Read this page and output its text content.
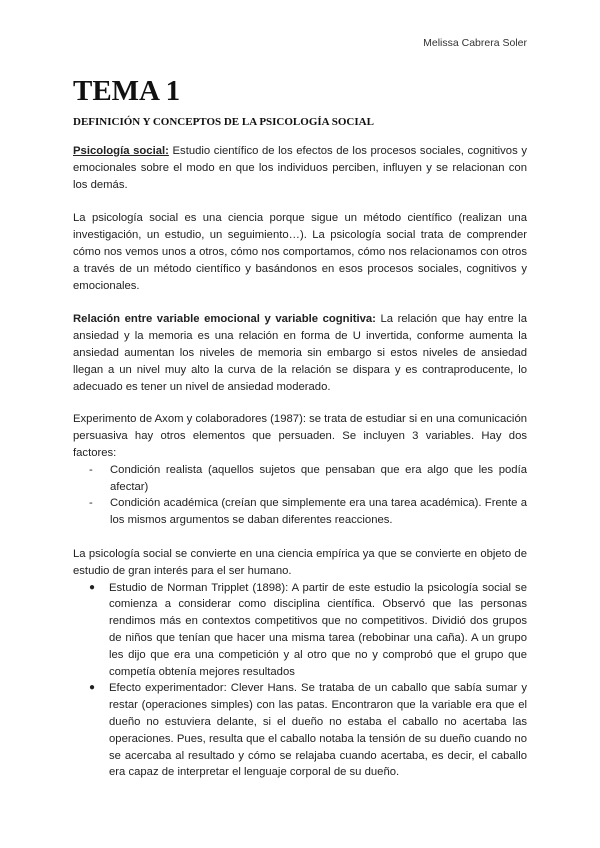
Melissa Cabrera Soler
TEMA 1
DEFINICIÓN Y CONCEPTOS DE LA PSICOLOGÍA SOCIAL

Psicología social: Estudio científico de los efectos de los procesos sociales, cognitivos y emocionales sobre el modo en que los individuos perciben, influyen y se relacionan con los demás.

La psicología social es una ciencia porque sigue un método científico (realizan una investigación, un estudio, un seguimiento…). La psicología social trata de comprender cómo nos vemos unos a otros, cómo nos comportamos, cómo nos relacionamos con otros a través de un método científico y basándonos en esos procesos sociales, cognitivos y emocionales.

Relación entre variable emocional y variable cognitiva: La relación que hay entre la ansiedad y la memoria es una relación en forma de U invertida, conforme aumenta la ansiedad aumentan los niveles de memoria sin embargo si estos niveles de ansiedad llegan a un nivel muy alto la curva de la relación se dispara y es contraproducente, lo adecuado es tener un nivel de ansiedad moderado.

Experimento de Axom y colaboradores (1987): se trata de estudiar si en una comunicación persuasiva hay otros elementos que persuaden. Se incluyen 3 variables. Hay dos factores:

- Condición realista (aquellos sujetos que pensaban que era algo que les podía afectar)
- Condición académica (creían que simplemente era una tarea académica). Frente a los mismos argumentos se daban diferentes reacciones.

La psicología social se convierte en una ciencia empírica ya que se convierte en objeto de estudio de gran interés para el ser humano.

● Estudio de Norman Tripplet (1898): A partir de este estudio la psicología social se comienza a considerar como disciplina científica. Observó que las personas rendimos más en contextos competitivos que no competitivos. Dividió dos grupos de niños que tenían que hacer una misma tarea (rebobinar una caña). A un grupo les dijo que era una competición y al otro que no y comprobó que el grupo que competía obtenía mejores resultados
● Efecto experimentador: Clever Hans. Se trataba de un caballo que sabía sumar y restar (operaciones simples) con las patas. Encontraron que la variable era que el dueño no estuviera delante, si el dueño no estaba el caballo no acertaba las operaciones. Pues, resulta que el caballo notaba la tensión de su dueño cuando no se acercaba al resultado y cómo se relajaba cuando acertaba, es decir, el caballo era capaz de interpretar el lenguaje corporal de su dueño.
